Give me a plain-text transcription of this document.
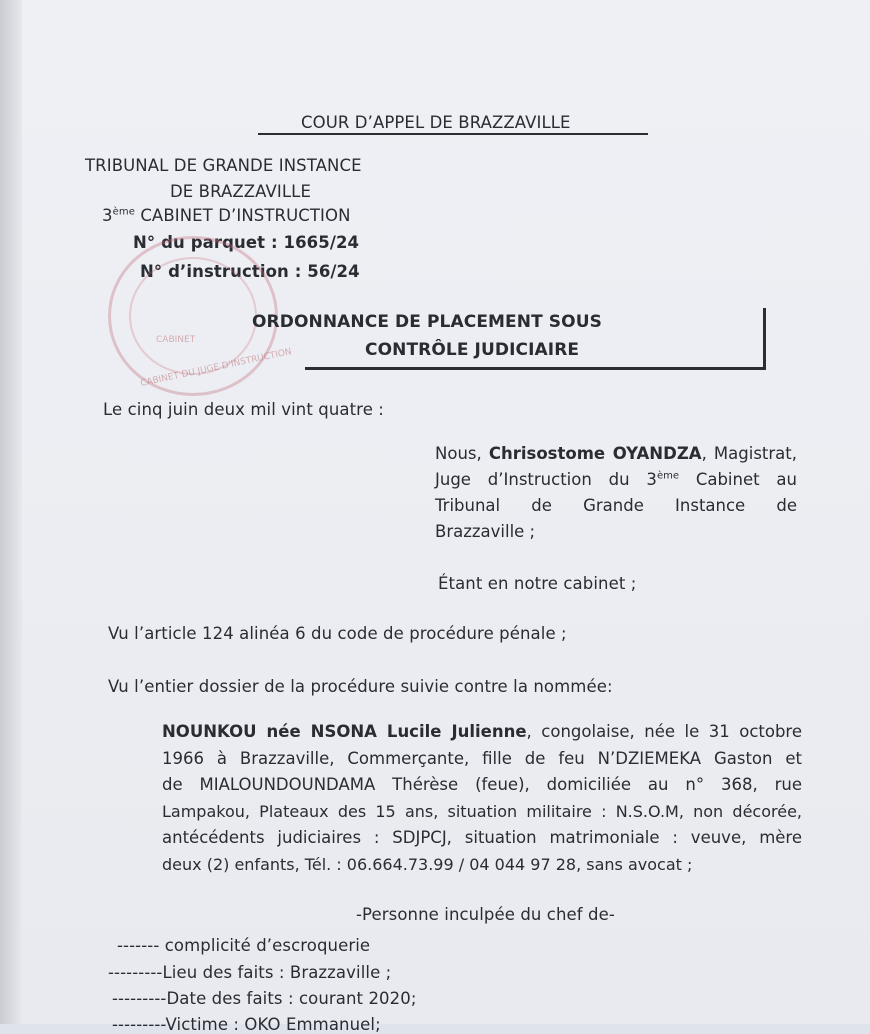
COUR D’APPEL DE BRAZZAVILLE
TRIBUNAL DE GRANDE INSTANCE
DE BRAZZAVILLE
3ème CABINET D’INSTRUCTION
N° du parquet : 1665/24
N° d’instruction : 56/24
CABINET
CABINET DU JUGE D'INSTRUCTION
ORDONNANCE DE PLACEMENT SOUS
CONTRÔLE JUDICIAIRE
Le cinq juin deux mil vint quatre :
Nous, Chrisostome OYANDZA, Magistrat,
Juge d’Instruction du 3ème Cabinet au
Tribunal de Grande Instance de
Brazzaville ;
Étant en notre cabinet ;
Vu l’article 124 alinéa 6 du code de procédure pénale ;
Vu l’entier dossier de la procédure suivie contre la nommée:
NOUNKOU née NSONA Lucile Julienne, congolaise, née le 31 octobre
1966 à Brazzaville, Commerçante, fille de feu N’DZIEMEKA Gaston et
de MIALOUNDOUNDAMA Thérèse (feue), domiciliée au n° 368, rue
Lampakou, Plateaux des 15 ans, situation militaire : N.S.O.M, non décorée,
antécédents judiciaires : SDJPCJ, situation matrimoniale : veuve, mère
deux (2) enfants, Tél. : 06.664.73.99 / 04 044 97 28, sans avocat ;
-Personne inculpée du chef de-
------- complicité d’escroquerie
---------Lieu des faits : Brazzaville ;
---------Date des faits : courant 2020;
---------Victime : OKO Emmanuel;
